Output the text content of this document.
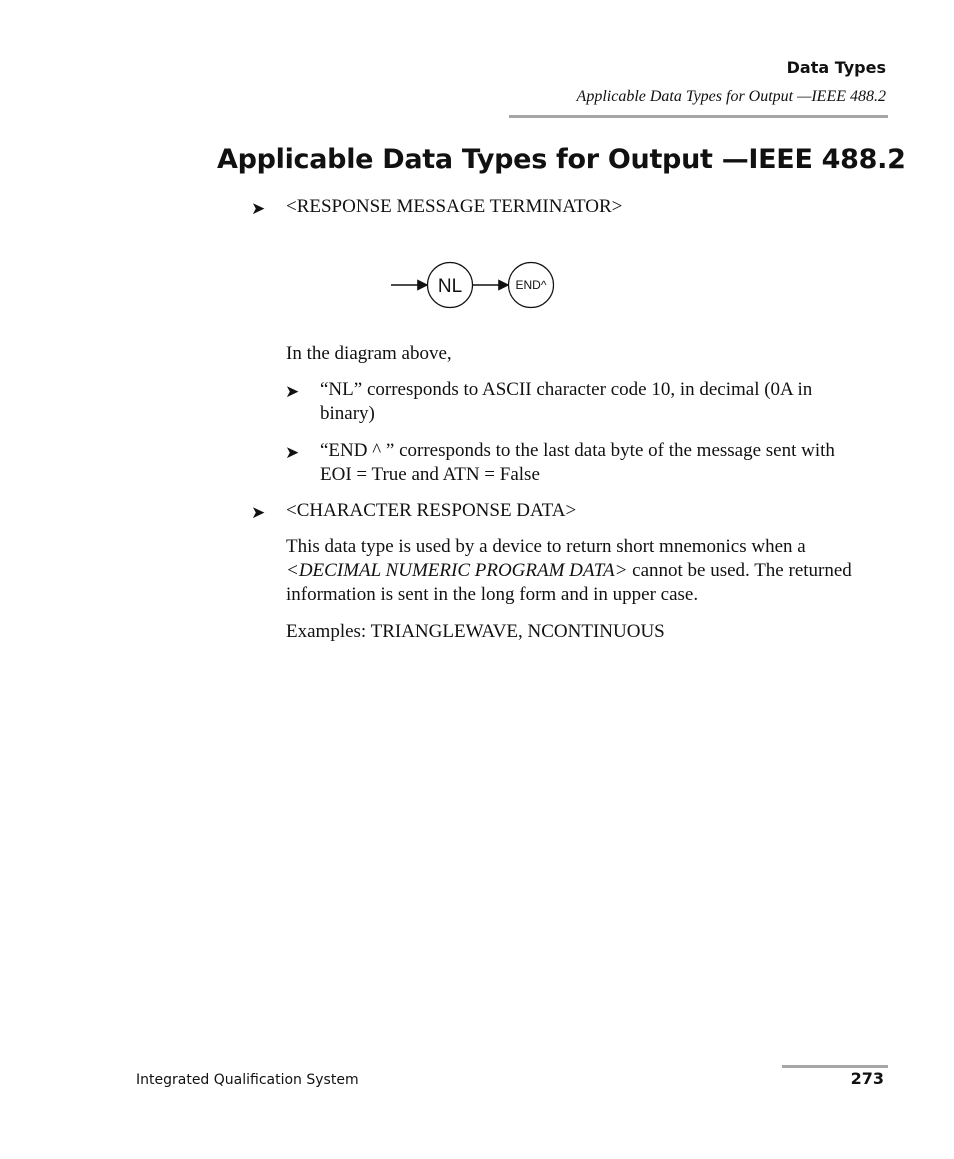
Data Types
Applicable Data Types for Output —IEEE 488.2
Applicable Data Types for Output —IEEE 488.2
➤ <RESPONSE MESSAGE TERMINATOR>
NL	END^
In the diagram above,
➤ “NL” corresponds to ASCII character code 10, in decimal (0A in
binary)
➤ “END ^ ” corresponds to the last data byte of the message sent with
EOI = True and ATN = False
➤ <CHARACTER RESPONSE DATA>
This data type is used by a device to return short mnemonics when a
<DECIMAL NUMERIC PROGRAM DATA> cannot be used. The returned
information is sent in the long form and in upper case.
Examples: TRIANGLEWAVE, NCONTINUOUS
Integrated Qualification System	273
